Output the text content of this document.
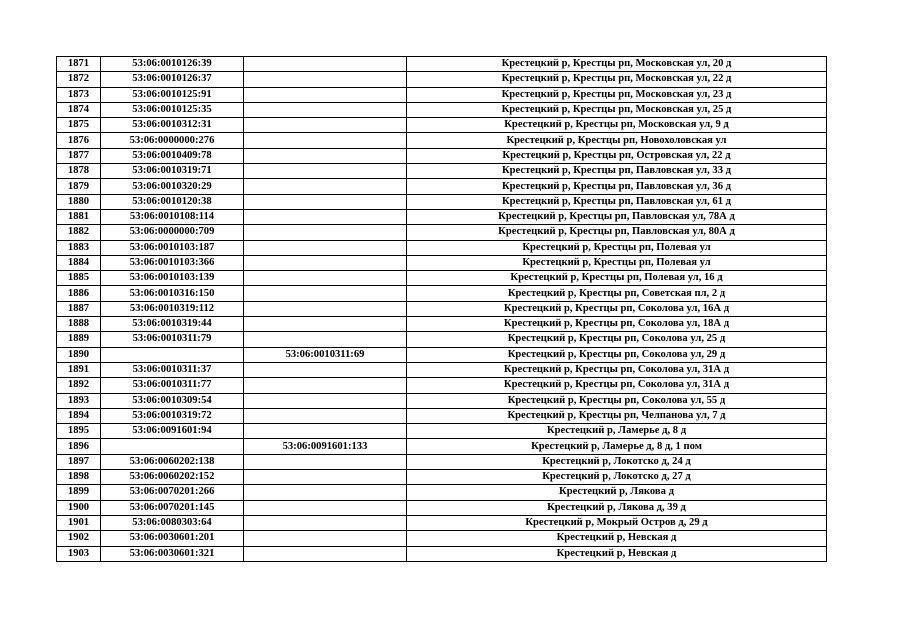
1871	53:06:0010126:39		Крестецкий р, Крестцы рп, Московская ул, 20 д
1872	53:06:0010126:37		Крестецкий р, Крестцы рп, Московская ул, 22 д
1873	53:06:0010125:91		Крестецкий р, Крестцы рп, Московская ул, 23 д
1874	53:06:0010125:35		Крестецкий р, Крестцы рп, Московская ул, 25 д
1875	53:06:0010312:31		Крестецкий р, Крестцы рп, Московская ул, 9 д
1876	53:06:0000000:276		Крестецкий р, Крестцы рп, Новохоловская ул
1877	53:06:0010409:78		Крестецкий р, Крестцы рп, Островская ул, 22 д
1878	53:06:0010319:71		Крестецкий р, Крестцы рп, Павловская ул, 33 д
1879	53:06:0010320:29		Крестецкий р, Крестцы рп, Павловская ул, 36 д
1880	53:06:0010120:38		Крестецкий р, Крестцы рп, Павловская ул, 61 д
1881	53:06:0010108:114		Крестецкий р, Крестцы рп, Павловская ул, 78А д
1882	53:06:0000000:709		Крестецкий р, Крестцы рп, Павловская ул, 80А д
1883	53:06:0010103:187		Крестецкий р, Крестцы рп, Полевая ул
1884	53:06:0010103:366		Крестецкий р, Крестцы рп, Полевая ул
1885	53:06:0010103:139		Крестецкий р, Крестцы рп, Полевая ул, 16 д
1886	53:06:0010316:150		Крестецкий р, Крестцы рп, Советская пл, 2 д
1887	53:06:0010319:112		Крестецкий р, Крестцы рп, Соколова ул, 16А д
1888	53:06:0010319:44		Крестецкий р, Крестцы рп, Соколова ул, 18А д
1889	53:06:0010311:79		Крестецкий р, Крестцы рп, Соколова ул, 25 д
1890		53:06:0010311:69	Крестецкий р, Крестцы рп, Соколова ул, 29 д
1891	53:06:0010311:37		Крестецкий р, Крестцы рп, Соколова ул, 31А д
1892	53:06:0010311:77		Крестецкий р, Крестцы рп, Соколова ул, 31А д
1893	53:06:0010309:54		Крестецкий р, Крестцы рп, Соколова ул, 55 д
1894	53:06:0010319:72		Крестецкий р, Крестцы рп, Челпанова ул, 7 д
1895	53:06:0091601:94		Крестецкий р, Ламерье д, 8 д
1896		53:06:0091601:133	Крестецкий р, Ламерье д, 8 д, 1 пом
1897	53:06:0060202:138		Крестецкий р, Локотско д, 24 д
1898	53:06:0060202:152		Крестецкий р, Локотско д, 27 д
1899	53:06:0070201:266		Крестецкий р, Лякова д
1900	53:06:0070201:145		Крестецкий р, Лякова д, 39 д
1901	53:06:0080303:64		Крестецкий р, Мокрый Остров д, 29 д
1902	53:06:0030601:201		Крестецкий р, Невская д
1903	53:06:0030601:321		Крестецкий р, Невская д
